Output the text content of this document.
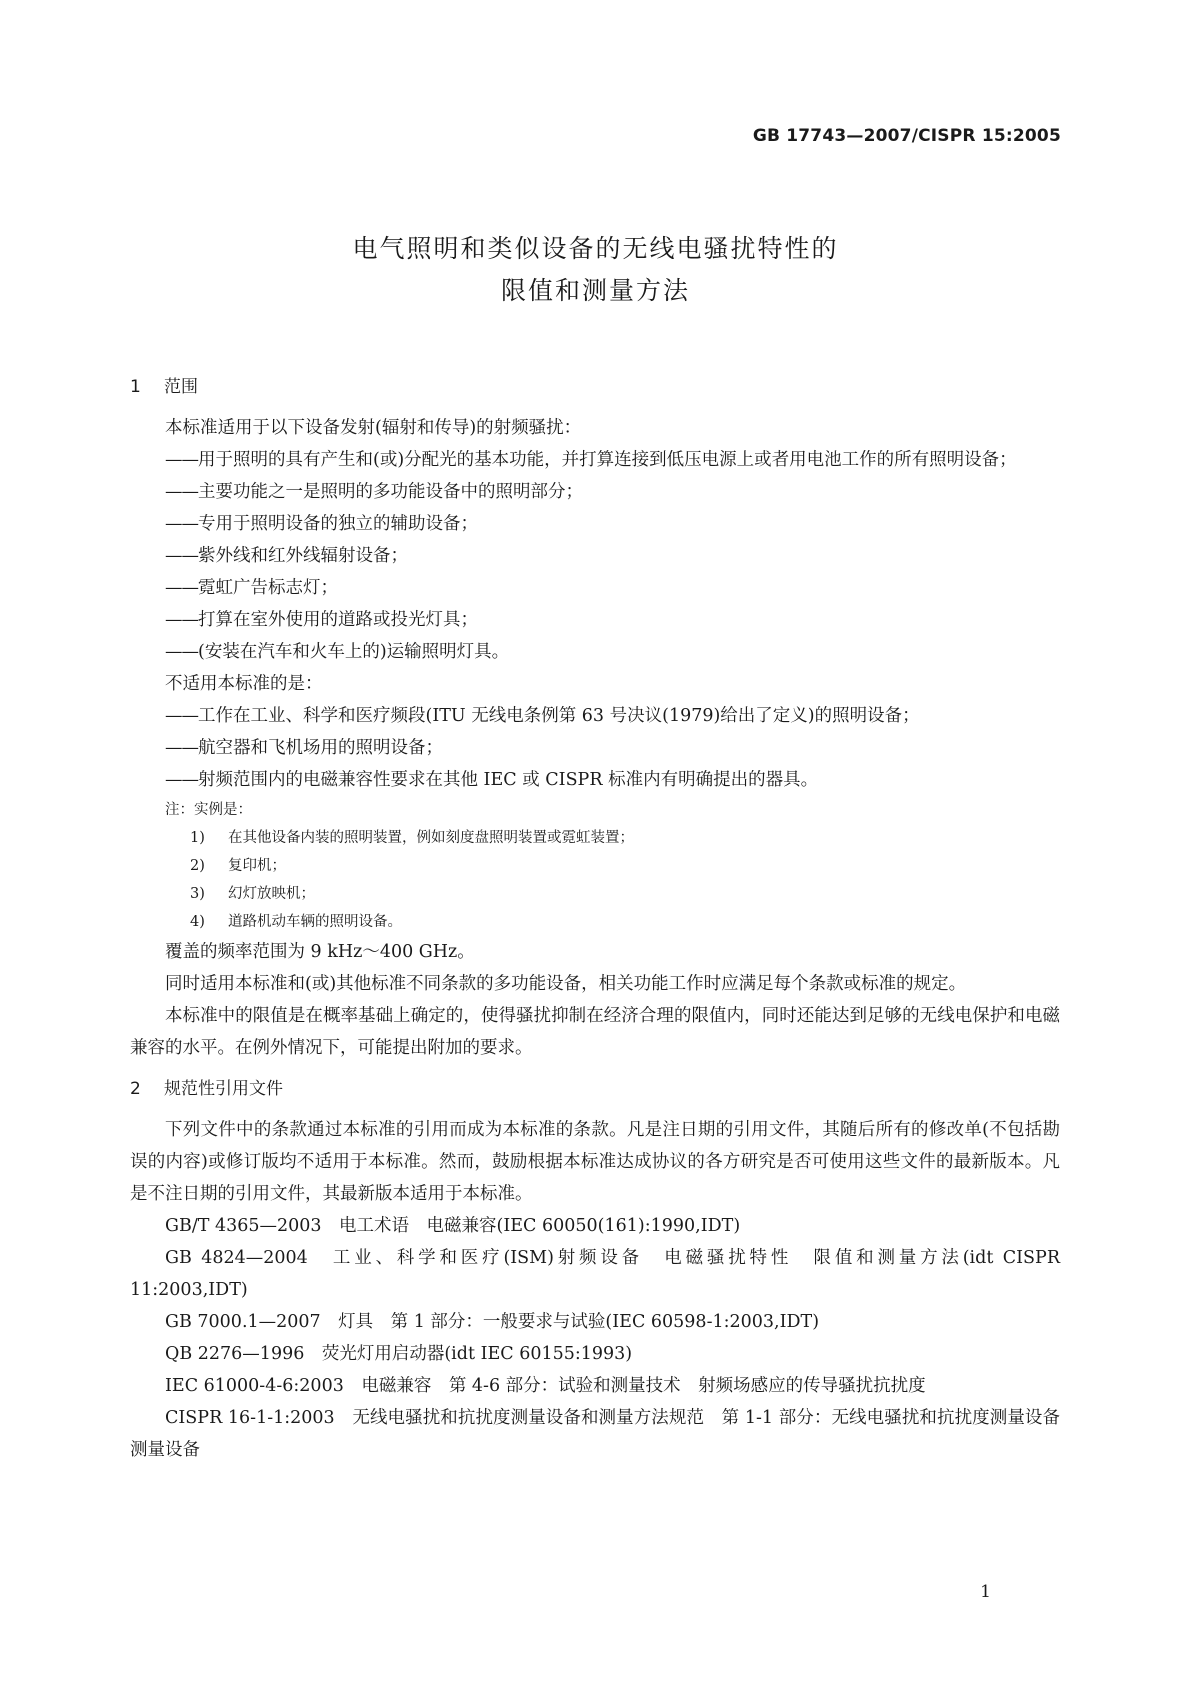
GB 17743—2007/CISPR 15:2005
电气照明和类似设备的无线电骚扰特性的
限值和测量方法
1 范围
本标准适用于以下设备发射(辐射和传导)的射频骚扰：
——用于照明的具有产生和(或)分配光的基本功能，并打算连接到低压电源上或者用电池工作的所有照明设备；
——主要功能之一是照明的多功能设备中的照明部分；
——专用于照明设备的独立的辅助设备；
——紫外线和红外线辐射设备；
——霓虹广告标志灯；
——打算在室外使用的道路或投光灯具；
——(安装在汽车和火车上的)运输照明灯具。
不适用本标准的是：
——工作在工业、科学和医疗频段(ITU 无线电条例第 63 号决议(1979)给出了定义)的照明设备；
——航空器和飞机场用的照明设备；
——射频范围内的电磁兼容性要求在其他 IEC 或 CISPR 标准内有明确提出的器具。
注：实例是：
1) 在其他设备内装的照明装置，例如刻度盘照明装置或霓虹装置；
2) 复印机；
3) 幻灯放映机；
4) 道路机动车辆的照明设备。
覆盖的频率范围为 9 kHz～400 GHz。
同时适用本标准和(或)其他标准不同条款的多功能设备，相关功能工作时应满足每个条款或标准的规定。
本标准中的限值是在概率基础上确定的，使得骚扰抑制在经济合理的限值内，同时还能达到足够的无线电保护和电磁兼容的水平。在例外情况下，可能提出附加的要求。
2 规范性引用文件
下列文件中的条款通过本标准的引用而成为本标准的条款。凡是注日期的引用文件，其随后所有的修改单(不包括勘误的内容)或修订版均不适用于本标准。然而，鼓励根据本标准达成协议的各方研究是否可使用这些文件的最新版本。凡是不注日期的引用文件，其最新版本适用于本标准。
GB/T 4365—2003　电工术语　电磁兼容(IEC 60050(161):1990,IDT)
GB 4824—2004　工业、科学和医疗(ISM)射频设备　电磁骚扰特性　限值和测量方法(idt CISPR 11:2003,IDT)
GB 7000.1—2007　灯具　第 1 部分：一般要求与试验(IEC 60598-1:2003,IDT)
QB 2276—1996　荧光灯用启动器(idt IEC 60155:1993)
IEC 61000-4-6:2003　电磁兼容　第 4-6 部分：试验和测量技术　射频场感应的传导骚扰抗扰度
CISPR 16-1-1:2003　无线电骚扰和抗扰度测量设备和测量方法规范　第 1-1 部分：无线电骚扰和抗扰度测量设备　测量设备
1
